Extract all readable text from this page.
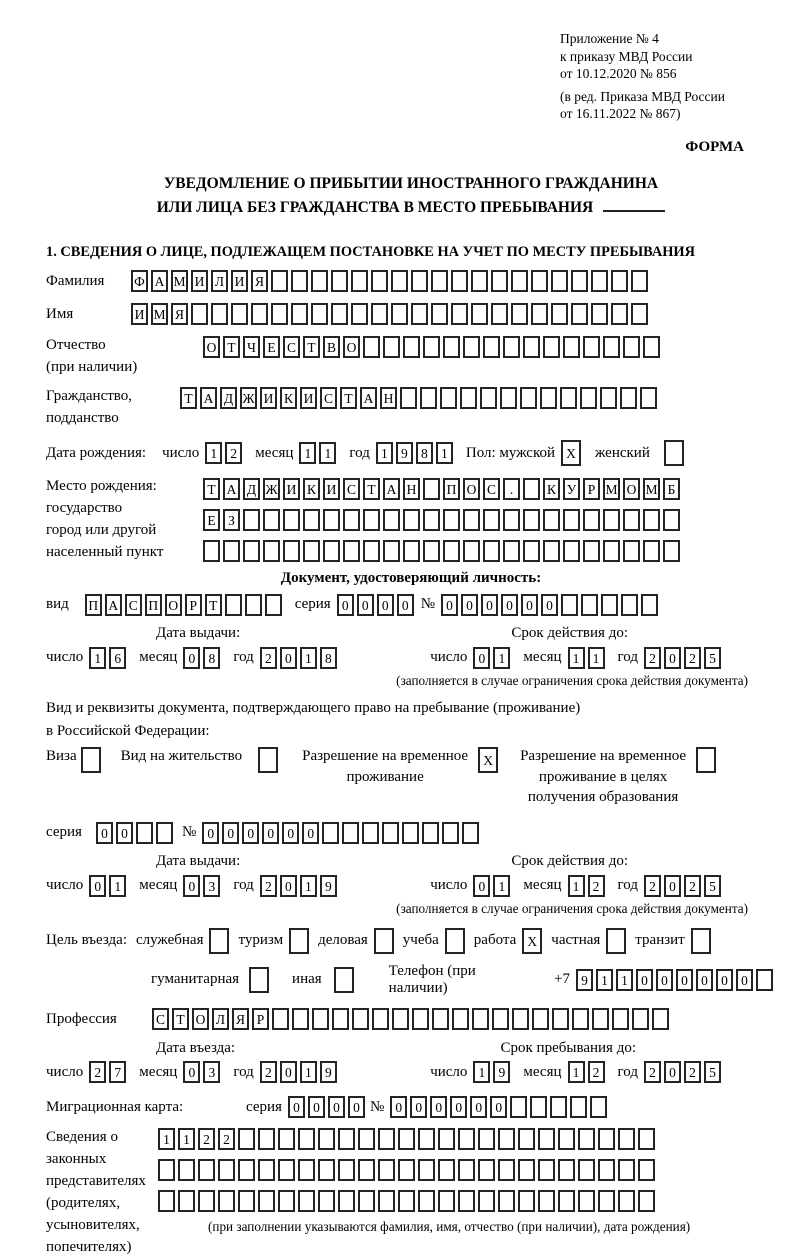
Приложение № 4
к приказу МВД России
от 10.12.2020 № 856
(в ред. Приказа МВД России
от 16.11.2022 № 867)
ФОРМА
УВЕДОМЛЕНИЕ О ПРИБЫТИИ ИНОСТРАННОГО ГРАЖДАНИНА
ИЛИ ЛИЦА БЕЗ ГРАЖДАНСТВА В МЕСТО ПРЕБЫВАНИЯ
1. СВЕДЕНИЯ О ЛИЦЕ, ПОДЛЕЖАЩЕМ ПОСТАНОВКЕ НА УЧЕТ ПО МЕСТУ ПРЕБЫВАНИЯ
Фамилия	Ф А М И Л И Я
Имя	И М Я
Отчество
(при наличии)
О Т Ч Е С Т В О
Гражданство,
подданство
Т А Д Ж И К И С Т А Н
Дата рождения: число 1 2	месяц 1 1	год 1 9 8 1	Пол: мужской X	женский
Место рождения:
государство
город или другой
населенный пункт
Т А Д Ж И К И С Т А Н П О С .	К У Р М О М Б
Е З
Документ, удостоверяющий личность:
вид П А С П О Р Т	серия 0 0 0 0 № 0 0 0 0 0 0
Дата выдачи:	Срок действия до:
число 1 6	месяц 0 8	год 2 0 1 8	число 0 1	месяц 1 1	год 2 0 2 5
(заполняется в случае ограничения срока действия документа)
Вид и реквизиты документа, подтверждающего право на пребывание (проживание)
в Российской Федерации:
Виза	Вид на жительство	Разрешение на временное
проживание
X	Разрешение на временное
проживание в целях
получения образования
серия	0 0	№ 0 0 0 0 0 0
Дата выдачи:	Срок действия до:
число 0 1	месяц 0 3	год 2 0 1 9	число 0 1	месяц 1 2	год 2 0 2 5
(заполняется в случае ограничения срока действия документа)
Цель въезда: служебная туризм деловая учеба работа X частная транзит
гуманитарная	иная
Телефон (при наличии)
+7 9 1 1 0 0 0 0 0 0
Профессия	С Т О Л Я Р
Дата въезда:	Срок пребывания до:
число 2 7	месяц 0 3	год 2 0 1 9	число 1 9	месяц 1 2	год 2 0 2 5
Миграционная карта:	серия 0 0 0 0 № 0 0 0 0 0 0
Сведения о
законных
представителях
(родителях,
усыновителях,
попечителях)
1 1 2 2
(при заполнении указываются фамилия, имя, отчество (при наличии), дата рождения)
